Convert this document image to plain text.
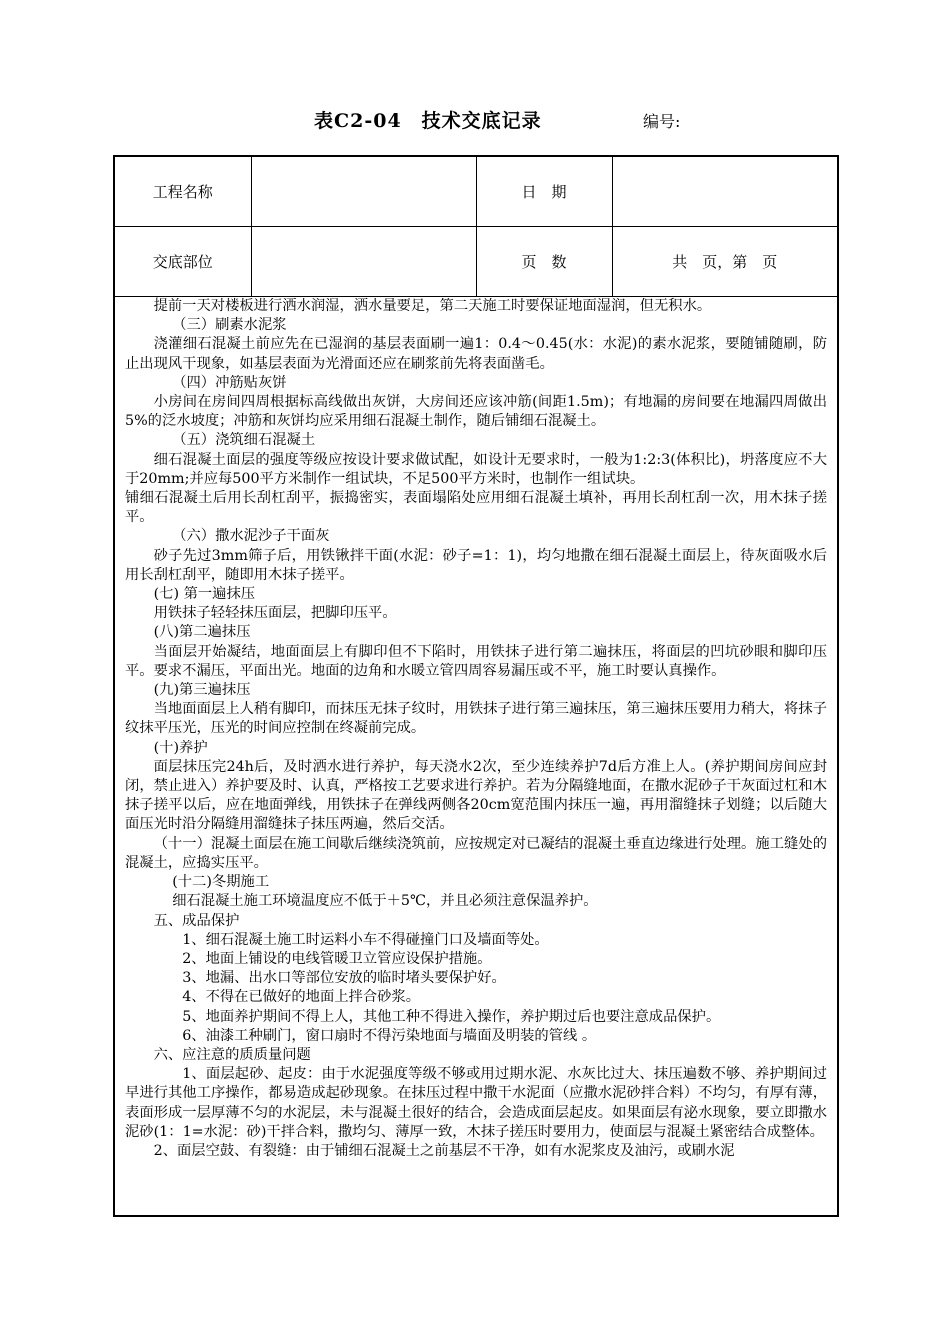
表C2-04　技术交底记录	编号:
工程名称		日　期	
交底部位		页　数	共　页，第　页

提前一天对楼板进行洒水润湿，洒水量要足，第二天施工时要保证地面湿润，但无积水。

（三）刷素水泥浆

浇灌细石混凝土前应先在已湿润的基层表面刷一遍1：0.4～0.45(水：水泥)的素水泥浆，要随铺随刷，防止出现风干现象，如基层表面为光滑面还应在刷浆前先将表面凿毛。

（四）冲筋贴灰饼

小房间在房间四周根据标高线做出灰饼，大房间还应该冲筋(间距1.5m)；有地漏的房间要在地漏四周做出5%的泛水坡度；冲筋和灰饼均应采用细石混凝土制作，随后铺细石混凝土。

（五）浇筑细石混凝土

细石混凝土面层的强度等级应按设计要求做试配，如设计无要求时，一般为1:2:3(体积比)，坍落度应不大于20mm;并应每500平方米制作一组试块，不足500平方米时，也制作一组试块。

铺细石混凝土后用长刮杠刮平，振捣密实，表面塌陷处应用细石混凝土填补，再用长刮杠刮一次，用木抹子搓平。

（六）撒水泥沙子干面灰

砂子先过3mm筛子后，用铁锹拌干面(水泥：砂子=1：1)，均匀地撒在细石混凝土面层上，待灰面吸水后用长刮杠刮平，随即用木抹子搓平。

(七) 第一遍抹压

用铁抹子轻轻抹压面层，把脚印压平。

(八)第二遍抹压

当面层开始凝结，地面面层上有脚印但不下陷时，用铁抹子进行第二遍抹压，将面层的凹坑砂眼和脚印压平。要求不漏压，平面出光。地面的边角和水暖立管四周容易漏压或不平，施工时要认真操作。

(九)第三遍抹压

当地面面层上人稍有脚印，而抹压无抹子纹时，用铁抹子进行第三遍抹压，第三遍抹压要用力稍大，将抹子纹抹平压光，压光的时间应控制在终凝前完成。

(十)养护

面层抹压完24h后，及时洒水进行养护，每天浇水2次，至少连续养护7d后方准上人。(养护期间房间应封闭，禁止进入）养护要及时、认真，严格按工艺要求进行养护。若为分隔缝地面，在撒水泥砂子干灰面过杠和木抹子搓平以后，应在地面弹线，用铁抹子在弹线两侧各20cm宽范围内抹压一遍，再用溜缝抹子划缝；以后随大面压光时沿分隔缝用溜缝抹子抹压两遍，然后交活。

（十一）混凝土面层在施工间歇后继续浇筑前，应按规定对已凝结的混凝土垂直边缘进行处理。施工缝处的混凝土，应捣实压平。

(十二)冬期施工

细石混凝土施工环境温度应不低于＋5℃，并且必须注意保温养护。

五、成品保护

1、细石混凝土施工时运料小车不得碰撞门口及墙面等处。

2、地面上铺设的电线管暖卫立管应设保护措施。

3、地漏、出水口等部位安放的临时堵头要保护好。

4、不得在已做好的地面上拌合砂浆。

5、地面养护期间不得上人，其他工种不得进入操作，养护期过后也要注意成品保护。

6、油漆工种刷门，窗口扇时不得污染地面与墙面及明装的管线 。

六、应注意的质质量问题

1、面层起砂、起皮：由于水泥强度等级不够或用过期水泥、水灰比过大、抹压遍数不够、养护期间过早进行其他工序操作，都易造成起砂现象。在抹压过程中撒干水泥面（应撒水泥砂拌合料）不均匀，有厚有薄，表面形成一层厚薄不匀的水泥层，未与混凝土很好的结合，会造成面层起皮。如果面层有泌水现象，要立即撒水泥砂(1：1=水泥：砂)干拌合料，撒均匀、薄厚一致，木抹子搓压时要用力，使面层与混凝土紧密结合成整体。

2、面层空鼓、有裂缝：由于铺细石混凝土之前基层不干净，如有水泥浆皮及油污，或刷水泥
